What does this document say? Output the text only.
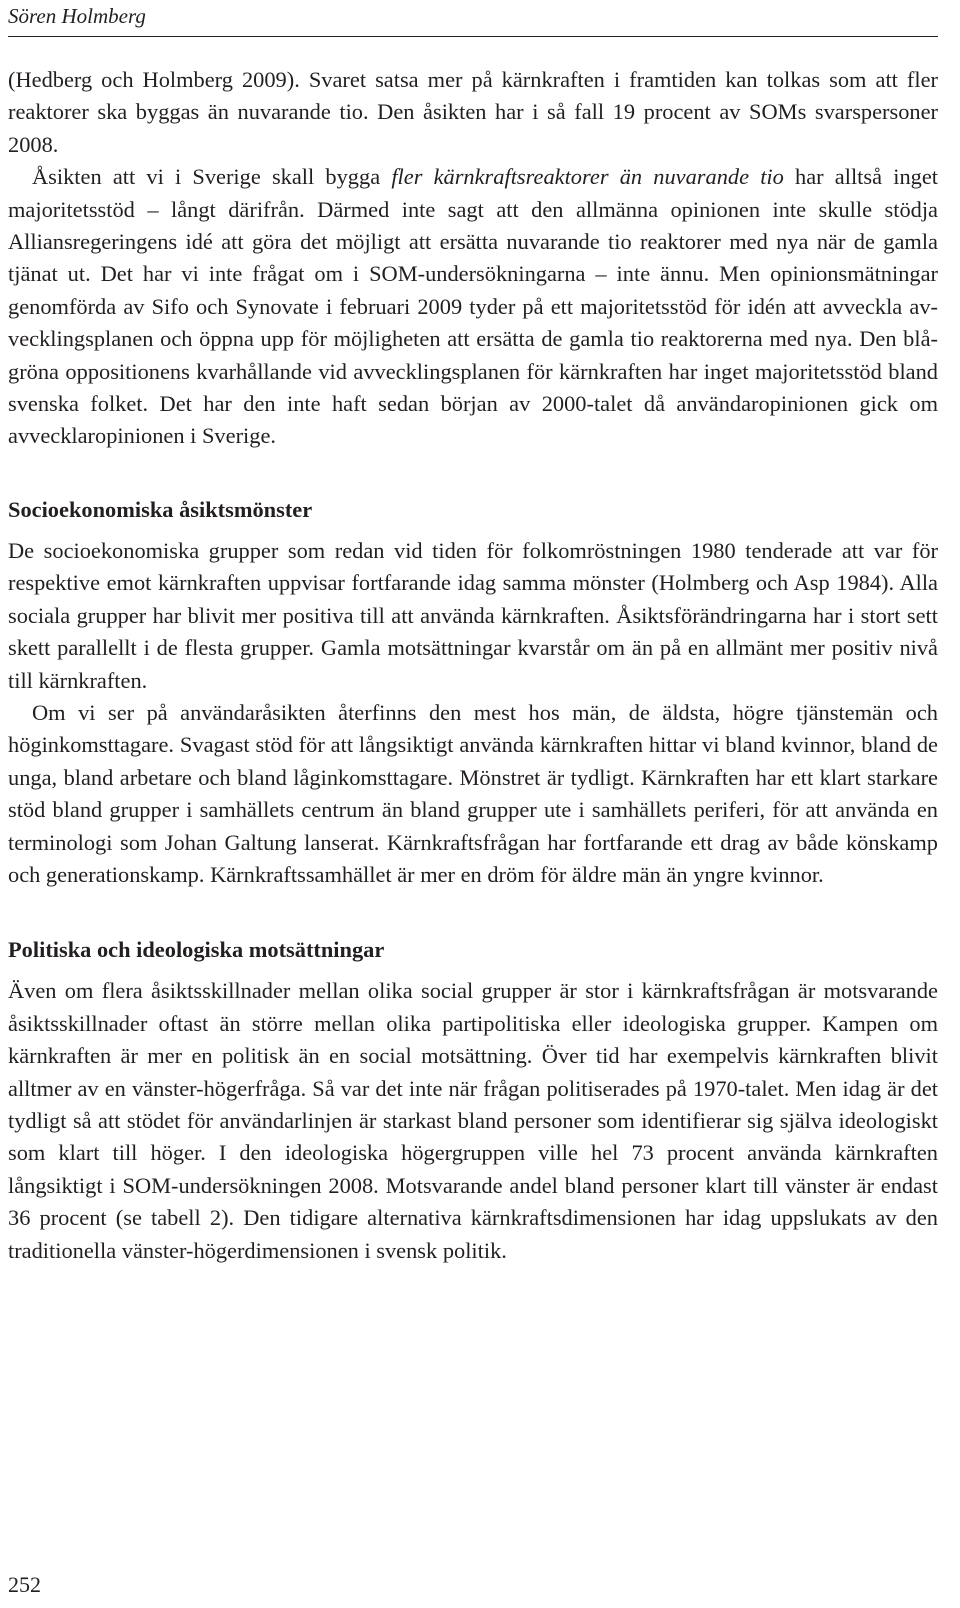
Sören Holmberg

(Hedberg och Holmberg 2009). Svaret satsa mer på kärnkraften i framtiden kan tolkas som att fler reaktorer ska byggas än nuvarande tio. Den åsikten har i så fall 19 procent av SOMs svarspersoner 2008.

Åsikten att vi i Sverige skall bygga fler kärnkraftsreaktorer än nuvarande tio har alltså inget majoritetsstöd – långt därifrån. Därmed inte sagt att den allmänna opinionen inte skulle stödja Alliansregeringens idé att göra det möjligt att ersätta nuvarande tio reaktorer med nya när de gamla tjänat ut. Det har vi inte frågat om i SOM-undersökningarna – inte ännu. Men opinionsmätningar genomförda av Sifo och Synovate i februari 2009 tyder på ett majoritetsstöd för idén att avveckla avvecklingsplanen och öppna upp för möjligheten att ersätta de gamla tio reaktorerna med nya. Den blå-gröna oppositionens kvarhållande vid avvecklingsplanen för kärnkraften har inget majoritetsstöd bland svenska folket. Det har den inte haft sedan början av 2000-talet då användaropinionen gick om avvecklaropinionen i Sverige.

Socioekonomiska åsiktsmönster

De socioekonomiska grupper som redan vid tiden för folkomröstningen 1980 tenderade att var för respektive emot kärnkraften uppvisar fortfarande idag samma mönster (Holmberg och Asp 1984). Alla sociala grupper har blivit mer positiva till att använda kärnkraften. Åsiktsförändringarna har i stort sett skett parallellt i de flesta grupper. Gamla motsättningar kvarstår om än på en allmänt mer positiv nivå till kärnkraften.

Om vi ser på användaråsikten återfinns den mest hos män, de äldsta, högre tjänstemän och höginkomsttagare. Svagast stöd för att långsiktigt använda kärnkraften hittar vi bland kvinnor, bland de unga, bland arbetare och bland låginkomsttagare. Mönstret är tydligt. Kärnkraften har ett klart starkare stöd bland grupper i samhällets centrum än bland grupper ute i samhällets periferi, för att använda en terminologi som Johan Galtung lanserat. Kärnkraftsfrågan har fortfarande ett drag av både könskamp och generationskamp. Kärnkraftssamhället är mer en dröm för äldre män än yngre kvinnor.

Politiska och ideologiska motsättningar

Även om flera åsiktsskillnader mellan olika social grupper är stor i kärnkraftsfrågan är motsvarande åsiktsskillnader oftast än större mellan olika partipolitiska eller ideologiska grupper. Kampen om kärnkraften är mer en politisk än en social motsättning. Över tid har exempelvis kärnkraften blivit alltmer av en vänster-högerfråga. Så var det inte när frågan politiserades på 1970-talet. Men idag är det tydligt så att stödet för användarlinjen är starkast bland personer som identifierar sig själva ideologiskt som klart till höger. I den ideologiska högergruppen ville hel 73 procent använda kärnkraften långsiktigt i SOM-undersökningen 2008. Motsvarande andel bland personer klart till vänster är endast 36 procent (se tabell 2). Den tidigare alternativa kärnkraftsdimensionen har idag uppslukats av den traditionella vänster-högerdimensionen i svensk politik.

252
